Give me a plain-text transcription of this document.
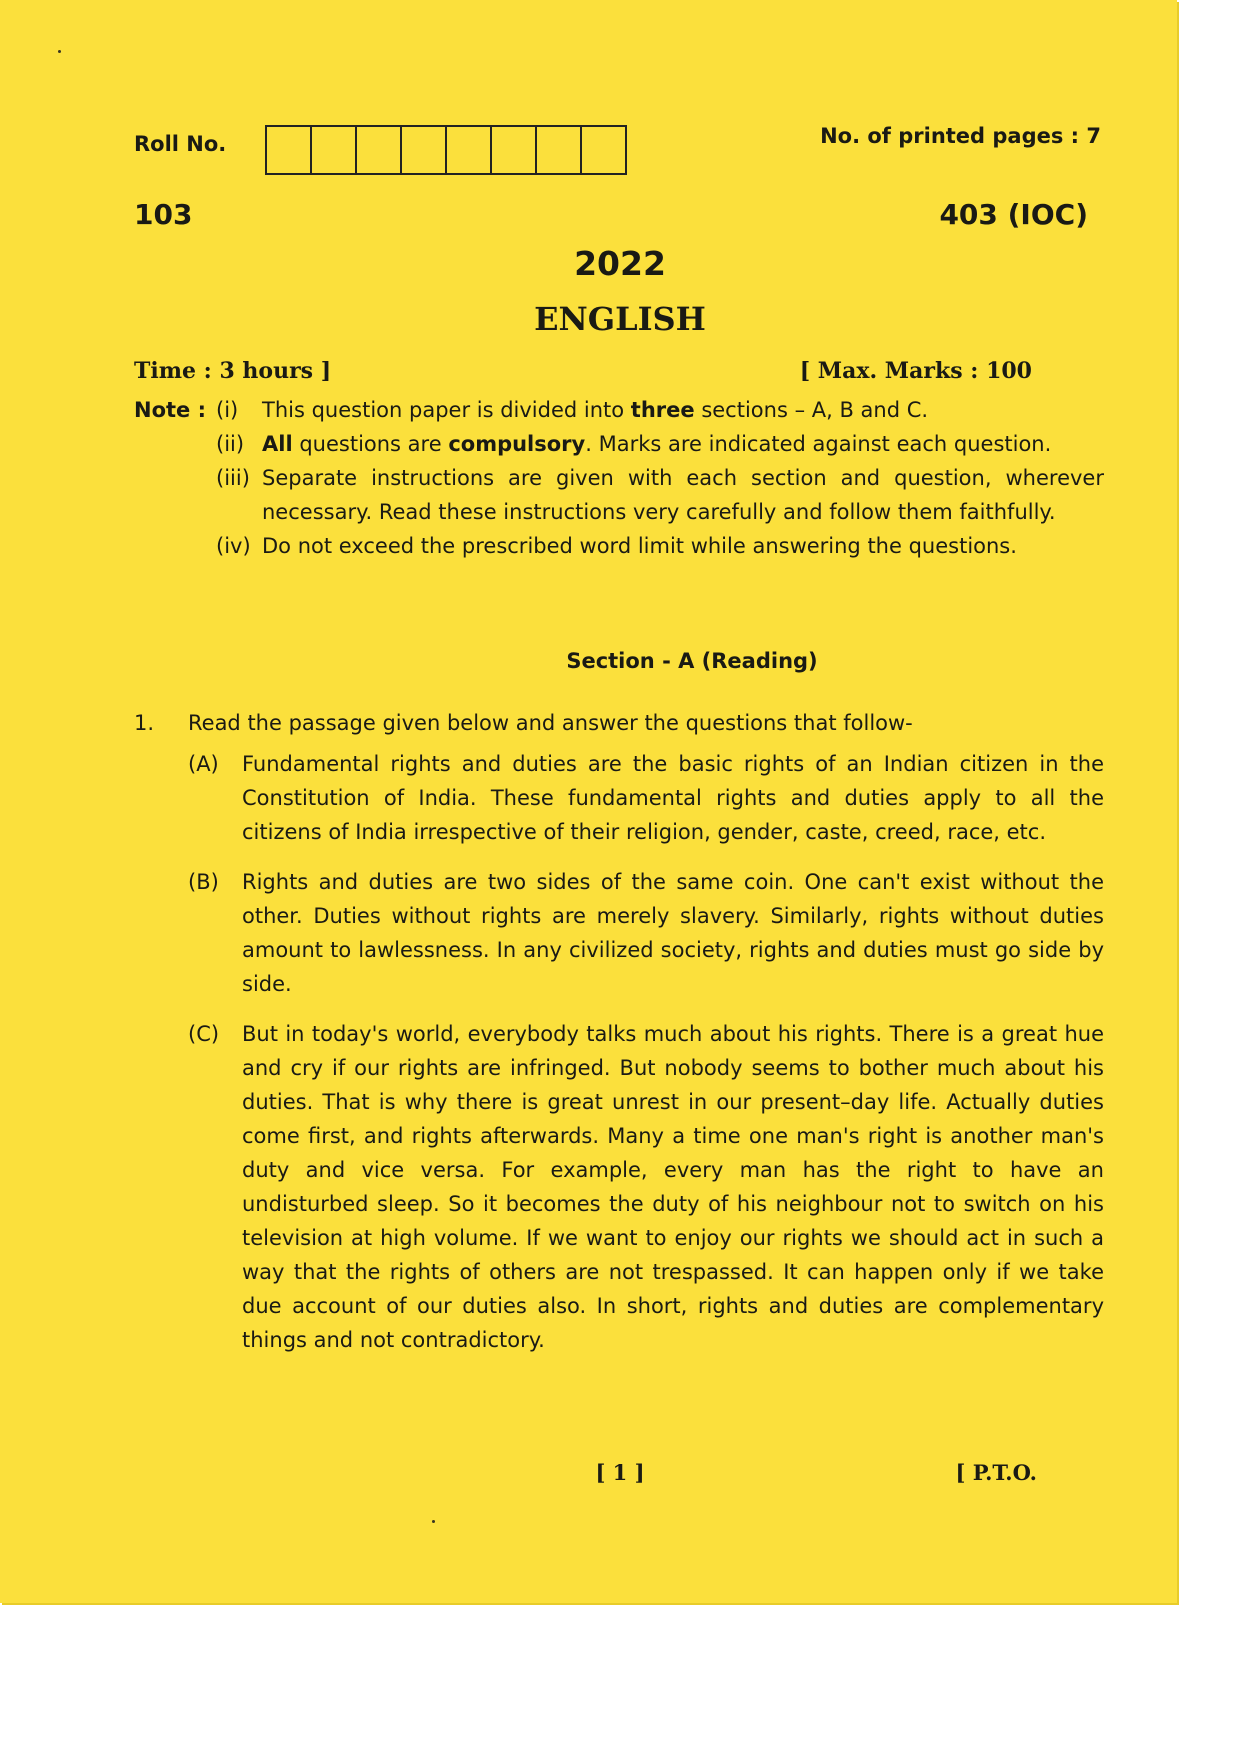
Roll No.	No. of printed pages : 7
103	403 (IOC)
2022
ENGLISH
Time : 3 hours ]	[ Max. Marks : 100
Note : (i)	This question paper is divided into three sections – A, B and C.
(ii) All questions are compulsory. Marks are indicated against each question.
(iii) Separate instructions are given with each section and question, wherever necessary. Read these instructions very carefully and follow them faithfully.
(iv) Do not exceed the prescribed word limit while answering the questions.
Section - A (Reading)
1.	Read the passage given below and answer the questions that follow-
(A)	Fundamental rights and duties are the basic rights of an Indian citizen in the Constitution of India. These fundamental rights and duties apply to all the citizens of India irrespective of their religion, gender, caste, creed, race, etc.
(B)	Rights and duties are two sides of the same coin. One can't exist without the other. Duties without rights are merely slavery. Similarly, rights without duties amount to lawlessness. In any civilized society, rights and duties must go side by side.
(C)	But in today's world, everybody talks much about his rights. There is a great hue and cry if our rights are infringed. But nobody seems to bother much about his duties. That is why there is great unrest in our present–day life. Actually duties come first, and rights afterwards. Many a time one man's right is another man's duty and vice versa. For example, every man has the right to have an undisturbed sleep. So it becomes the duty of his neighbour not to switch on his television at high volume. If we want to enjoy our rights we should act in such a way that the rights of others are not trespassed. It can happen only if we take due account of our duties also. In short, rights and duties are complementary things and not contradictory.
[ 1 ]	[ P.T.O.
